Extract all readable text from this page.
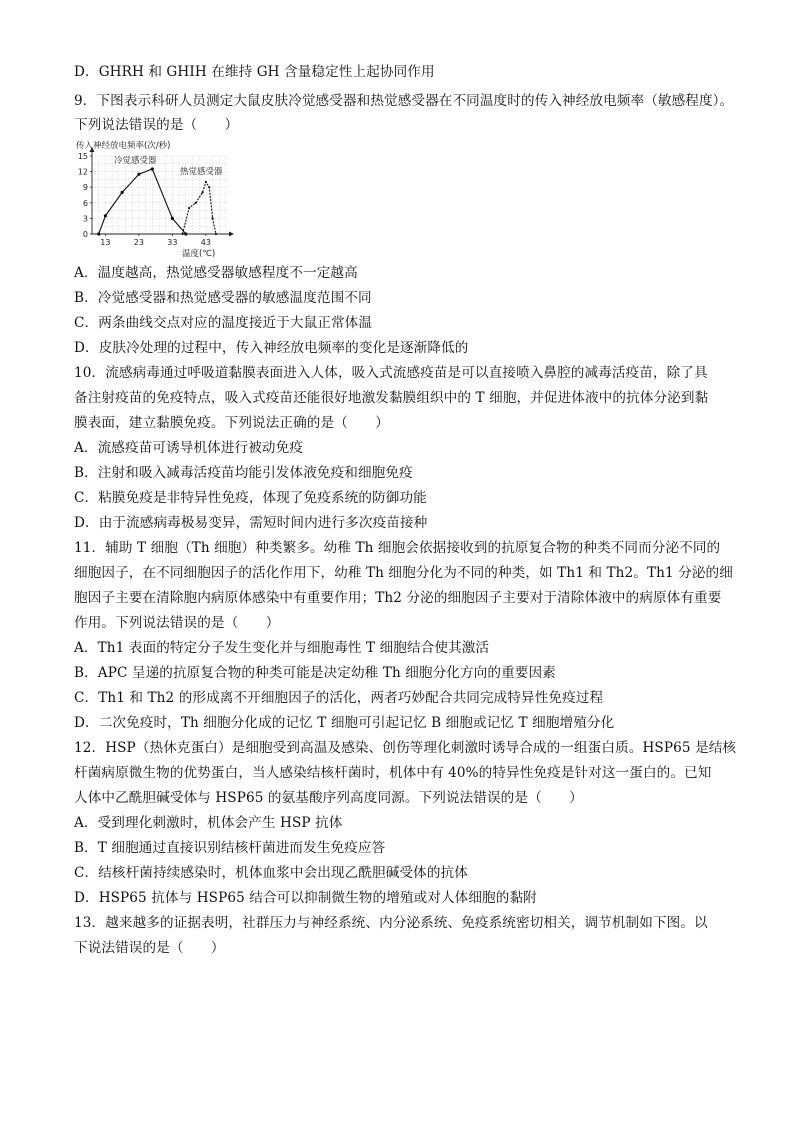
D．GHRH 和 GHIH 在维持 GH 含量稳定性上起协同作用
9．下图表示科研人员测定大鼠皮肤冷觉感受器和热觉感受器在不同温度时的传入神经放电频率（敏感程度）。
下列说法错误的是（　　）
0
3
6
9
12
15
13	23	33	43
传入神经放电频率(次/秒)
温度(℃)
冷觉感受器
热觉感受器
A．温度越高，热觉感受器敏感程度不一定越高
B．冷觉感受器和热觉感受器的敏感温度范围不同
C．两条曲线交点对应的温度接近于大鼠正常体温
D．皮肤冷处理的过程中，传入神经放电频率的变化是逐渐降低的
10．流感病毒通过呼吸道黏膜表面进入人体，吸入式流感疫苗是可以直接喷入鼻腔的减毒活疫苗，除了具
备注射疫苗的免疫特点，吸入式疫苗还能很好地激发黏膜组织中的 T 细胞，并促进体液中的抗体分泌到黏
膜表面，建立黏膜免疫。下列说法正确的是（　　）
A．流感疫苗可诱导机体进行被动免疫
B．注射和吸入减毒活疫苗均能引发体液免疫和细胞免疫
C．粘膜免疫是非特异性免疫，体现了免疫系统的防御功能
D．由于流感病毒极易变异，需短时间内进行多次疫苗接种
11．辅助 T 细胞（Th 细胞）种类繁多。幼稚 Th 细胞会依据接收到的抗原复合物的种类不同而分泌不同的
细胞因子，在不同细胞因子的活化作用下，幼稚 Th 细胞分化为不同的种类，如 Th1 和 Th2。Th1 分泌的细
胞因子主要在清除胞内病原体感染中有重要作用；Th2 分泌的细胞因子主要对于清除体液中的病原体有重要
作用。下列说法错误的是（　　）
A．Th1 表面的特定分子发生变化并与细胞毒性 T 细胞结合使其激活
B．APC 呈递的抗原复合物的种类可能是决定幼稚 Th 细胞分化方向的重要因素
C．Th1 和 Th2 的形成离不开细胞因子的活化，两者巧妙配合共同完成特异性免疫过程
D．二次免疫时，Th 细胞分化成的记忆 T 细胞可引起记忆 B 细胞或记忆 T 细胞增殖分化
12．HSP（热休克蛋白）是细胞受到高温及感染、创伤等理化刺激时诱导合成的一组蛋白质。HSP65 是结核
杆菌病原微生物的优势蛋白，当人感染结核杆菌时，机体中有 40%的特异性免疫是针对这一蛋白的。已知
人体中乙酰胆碱受体与 HSP65 的氨基酸序列高度同源。下列说法错误的是（　　）
A．受到理化刺激时，机体会产生 HSP 抗体
B．T 细胞通过直接识别结核杆菌进而发生免疫应答
C．结核杆菌持续感染时，机体血浆中会出现乙酰胆碱受体的抗体
D．HSP65 抗体与 HSP65 结合可以抑制微生物的增殖或对人体细胞的黏附
13．越来越多的证据表明，社群压力与神经系统、内分泌系统、免疫系统密切相关，调节机制如下图。以
下说法错误的是（　　）
